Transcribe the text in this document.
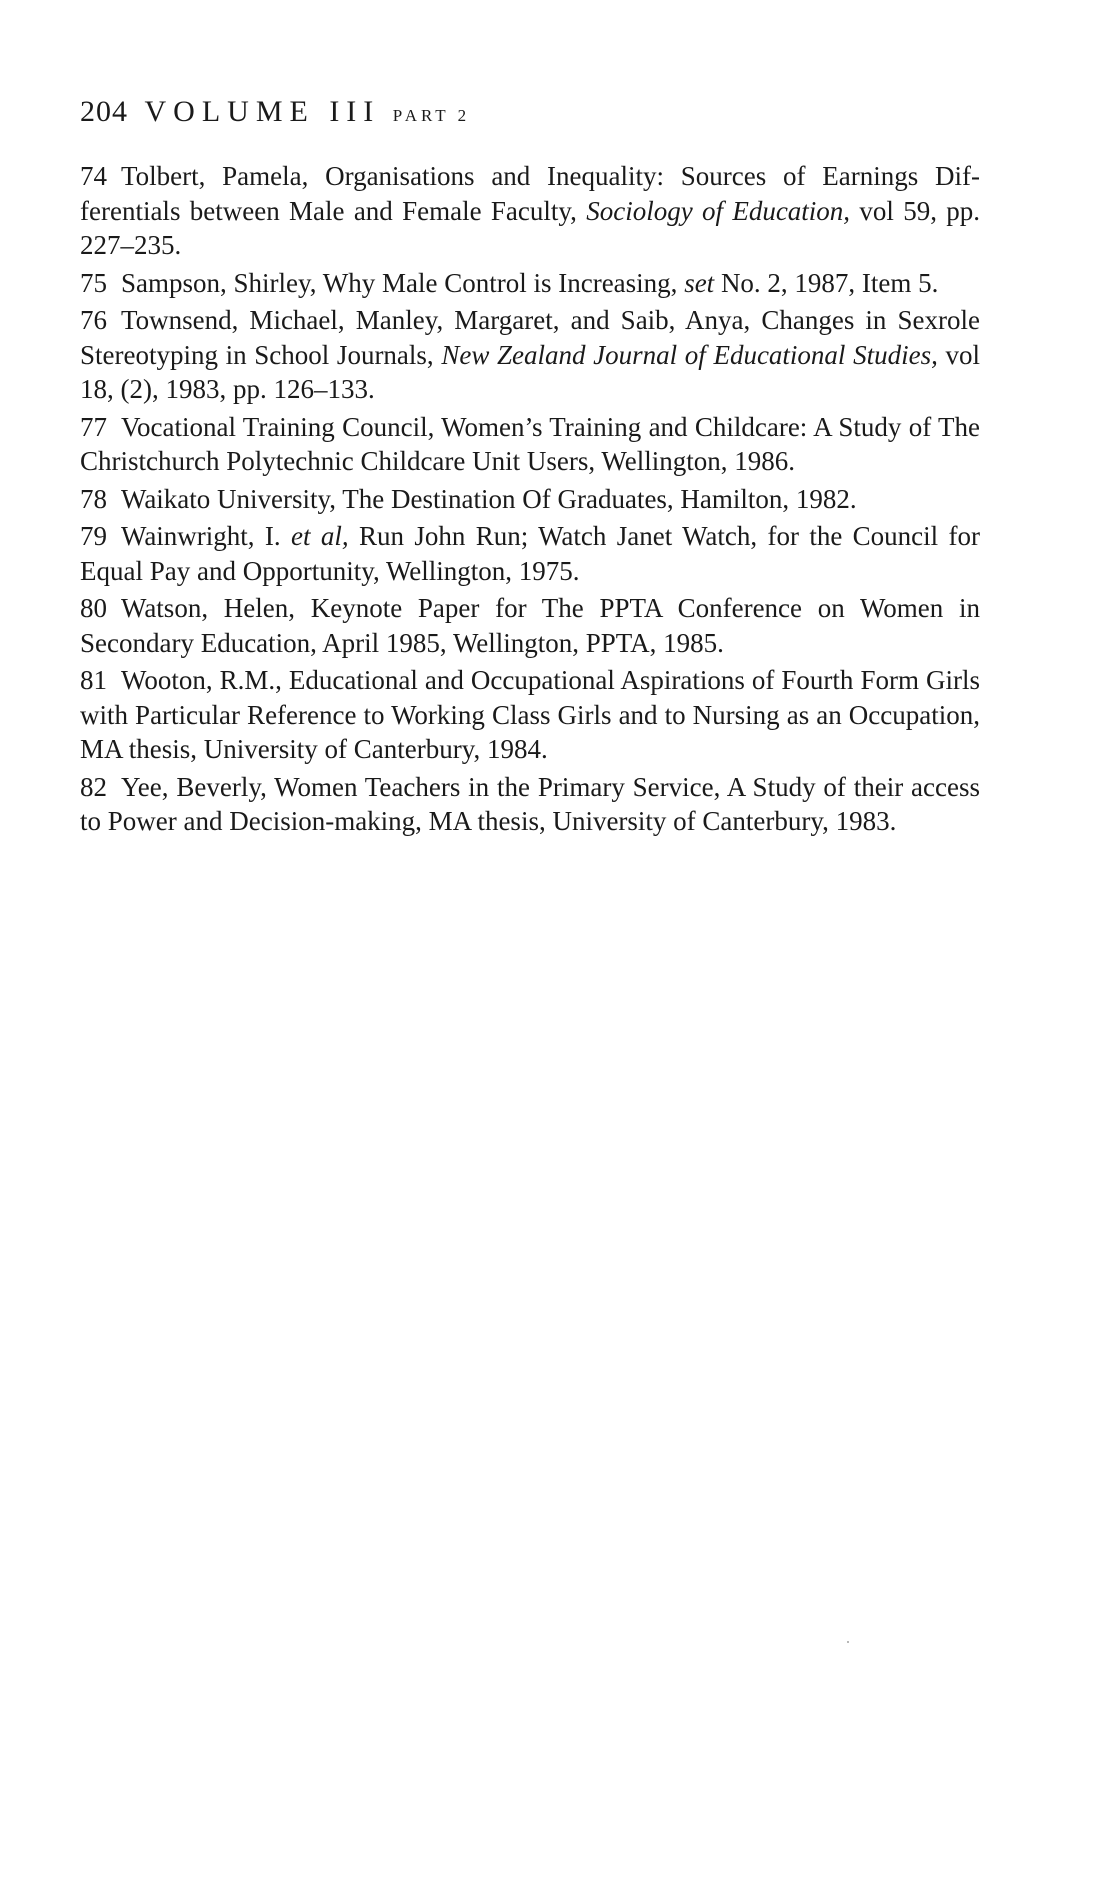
204 VOLUME III PART 2
74 Tolbert, Pamela, Organisations and Inequality: Sources of Earnings Differentials between Male and Female Faculty, Sociology of Education, vol 59, pp. 227–235.
75 Sampson, Shirley, Why Male Control is Increasing, set No. 2, 1987, Item 5.
76 Townsend, Michael, Manley, Margaret, and Saib, Anya, Changes in Sexrole Stereotyping in School Journals, New Zealand Journal of Educational Studies, vol 18, (2), 1983, pp. 126–133.
77 Vocational Training Council, Women’s Training and Childcare: A Study of The Christchurch Polytechnic Childcare Unit Users, Wellington, 1986.
78 Waikato University, The Destination Of Graduates, Hamilton, 1982.
79 Wainwright, I. et al, Run John Run; Watch Janet Watch, for the Council for Equal Pay and Opportunity, Wellington, 1975.
80 Watson, Helen, Keynote Paper for The PPTA Conference on Women in Secondary Education, April 1985, Wellington, PPTA, 1985.
81 Wooton, R.M., Educational and Occupational Aspirations of Fourth Form Girls with Particular Reference to Working Class Girls and to Nursing as an Occupation, MA thesis, University of Canterbury, 1984.
82 Yee, Beverly, Women Teachers in the Primary Service, A Study of their access to Power and Decision-making, MA thesis, University of Canterbury, 1983.
